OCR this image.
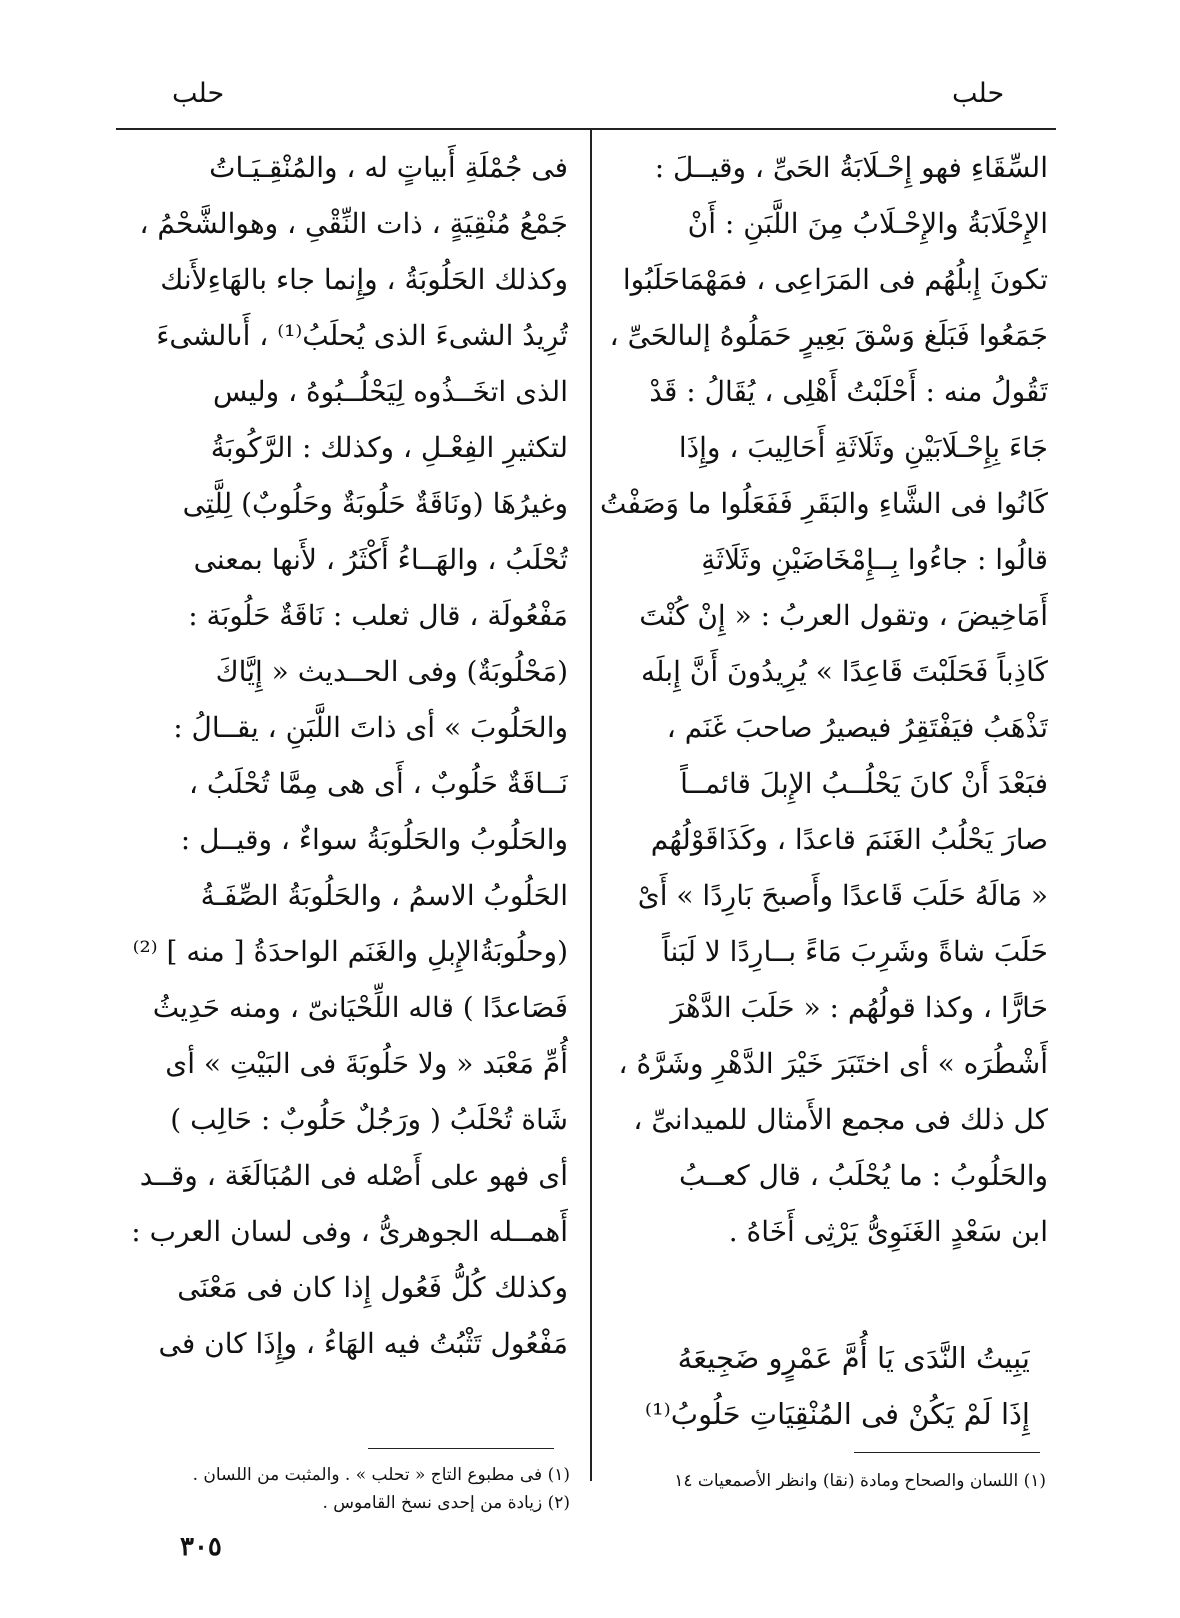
حلب
حلب
السِّقَاءِ فهو إِحْـلَابَةُ الحَىِّ ، وقيــلَ :
الإِحْلَابَةُ والإِحْـلَابُ مِنَ اللَّبَنِ : أَنْ
تكونَ إِبلُهُم فى المَرَاعِى ، فمَهْمَاحَلَبُوا
جَمَعُوا فَبَلَغ وَسْقَ بَعِيرٍ حَمَلُوهُ إلىالحَىِّ ،
تَقُولُ منه : أَحْلَبْتُ أَهْلِى ، يُقَالُ : قَدْ
جَاءَ بِإِحْـلَابَيْنِ وثَلَاثَةِ أَحَالِيبَ ، وإِذَا
كَانُوا فى الشَّاءِ والبَقَرِ فَفَعَلُوا ما وَصَفْتُ
قالُوا : جاءُوا بِــإِمْخَاضَيْنِ وثَلَاثَةِ
أَمَاخِيضَ ، وتقول العربُ : « إِنْ كُنْتَ
كَاذِباً فَحَلَبْتَ قَاعِدًا » يُرِيدُونَ أَنَّ إِبلَه
تَذْهَبُ فيَفْتَقِرُ فيصيرُ صاحبَ غَنَم ،
فبَعْدَ أَنْ كانَ يَحْلُــبُ الإِبلَ قائمــاً
صارَ يَحْلُبُ الغَنَمَ قاعدًا ، وكَذَاقَوْلُهُم
« مَالَهُ حَلَبَ قَاعدًا وأَصبحَ بَارِدًا » أَىْ
حَلَبَ شاةً وشَرِبَ مَاءً بــارِدًا لا لَبَناً
حَارًّا ، وكذا قولُهُم : « حَلَبَ الدَّهْرَ
أَشْطُرَه » أى اختَبَرَ خَيْرَ الدَّهْرِ وشَرَّهُ ،
كل ذلك فى مجمع الأَمثال للميدانىِّ ،
والحَلُوبُ : ما يُحْلَبُ ، قال كعــبُ
ابن سَعْدٍ الغَنَوِىُّ يَرْثِى أَخَاهُ .
يَبِيتُ النَّدَى يَا أُمَّ عَمْرٍو ضَجِيعَهُ
إِذَا لَمْ يَكُنْ فى المُنْقِيَاتِ حَلُوبُ⁽¹⁾
(١) اللسان والصحاح ومادة (نقا) وانظر الأصمعيات ١٤
فى جُمْلَةِ أَبياتٍ له ، والمُنْقِـيَـاتُ
جَمْعُ مُنْقِيَةٍ ، ذات النِّقْىِ ، وهوالشَّحْمُ ،
وكذلك الحَلُوبَةُ ، وإِنما جاء بالهَاءِلأَنك
تُرِيدُ الشىءَ الذى يُحلَبُ⁽¹⁾ ، أَىالشىءَ
الذى اتخَــذُوه لِيَحْلُــبُوهُ ، وليس
لتكثيرِ الفِعْـلِ ، وكذلك : الرَّكُوبَةُ
وغيرُهَا (ونَاقَةٌ حَلُوبَةٌ وحَلُوبٌ) لِلَّتِى
تُحْلَبُ ، والهَــاءُ أَكْثَرُ ، لأَنها بمعنى
مَفْعُولَة ، قال ثعلب : نَاقَةٌ حَلُوبَة :
(مَحْلُوبَةٌ) وفى الحــديث « إِيَّاكَ
والحَلُوبَ » أى ذاتَ اللَّبَنِ ، يقــالُ :
نَــاقَةٌ حَلُوبٌ ، أَى هى مِمَّا تُحْلَبُ ،
والحَلُوبُ والحَلُوبَةُ سواءٌ ، وقيــل :
الحَلُوبُ الاسمُ ، والحَلُوبَةُ الصِّفَـةُ
(وحلُوبَةُالإِبلِ والغَنَم الواحدَةُ [ منه ] ⁽²⁾
فَصَاعدًا ) قاله اللِّحْيَانىّ ، ومنه حَدِيثُ
أُمِّ مَعْبَد « ولا حَلُوبَةَ فى البَيْتِ » أى
شَاة تُحْلَبُ ( ورَجُلٌ حَلُوبٌ : حَالِب )
أى فهو على أَصْله فى المُبَالَغَة ، وقــد
أَهمــله الجوهرىُّ ، وفى لسان العرب :
وكذلك كُلُّ فَعُول إِذا كان فى مَعْنَى
مَفْعُول تَثْبُتُ فيه الهَاءُ ، وإِذَا كان فى
(١) فى مطبوع التاج « تحلب » . والمثبت من اللسان .
(٢) زيادة من إحدى نسخ القاموس .
٣٠٥
